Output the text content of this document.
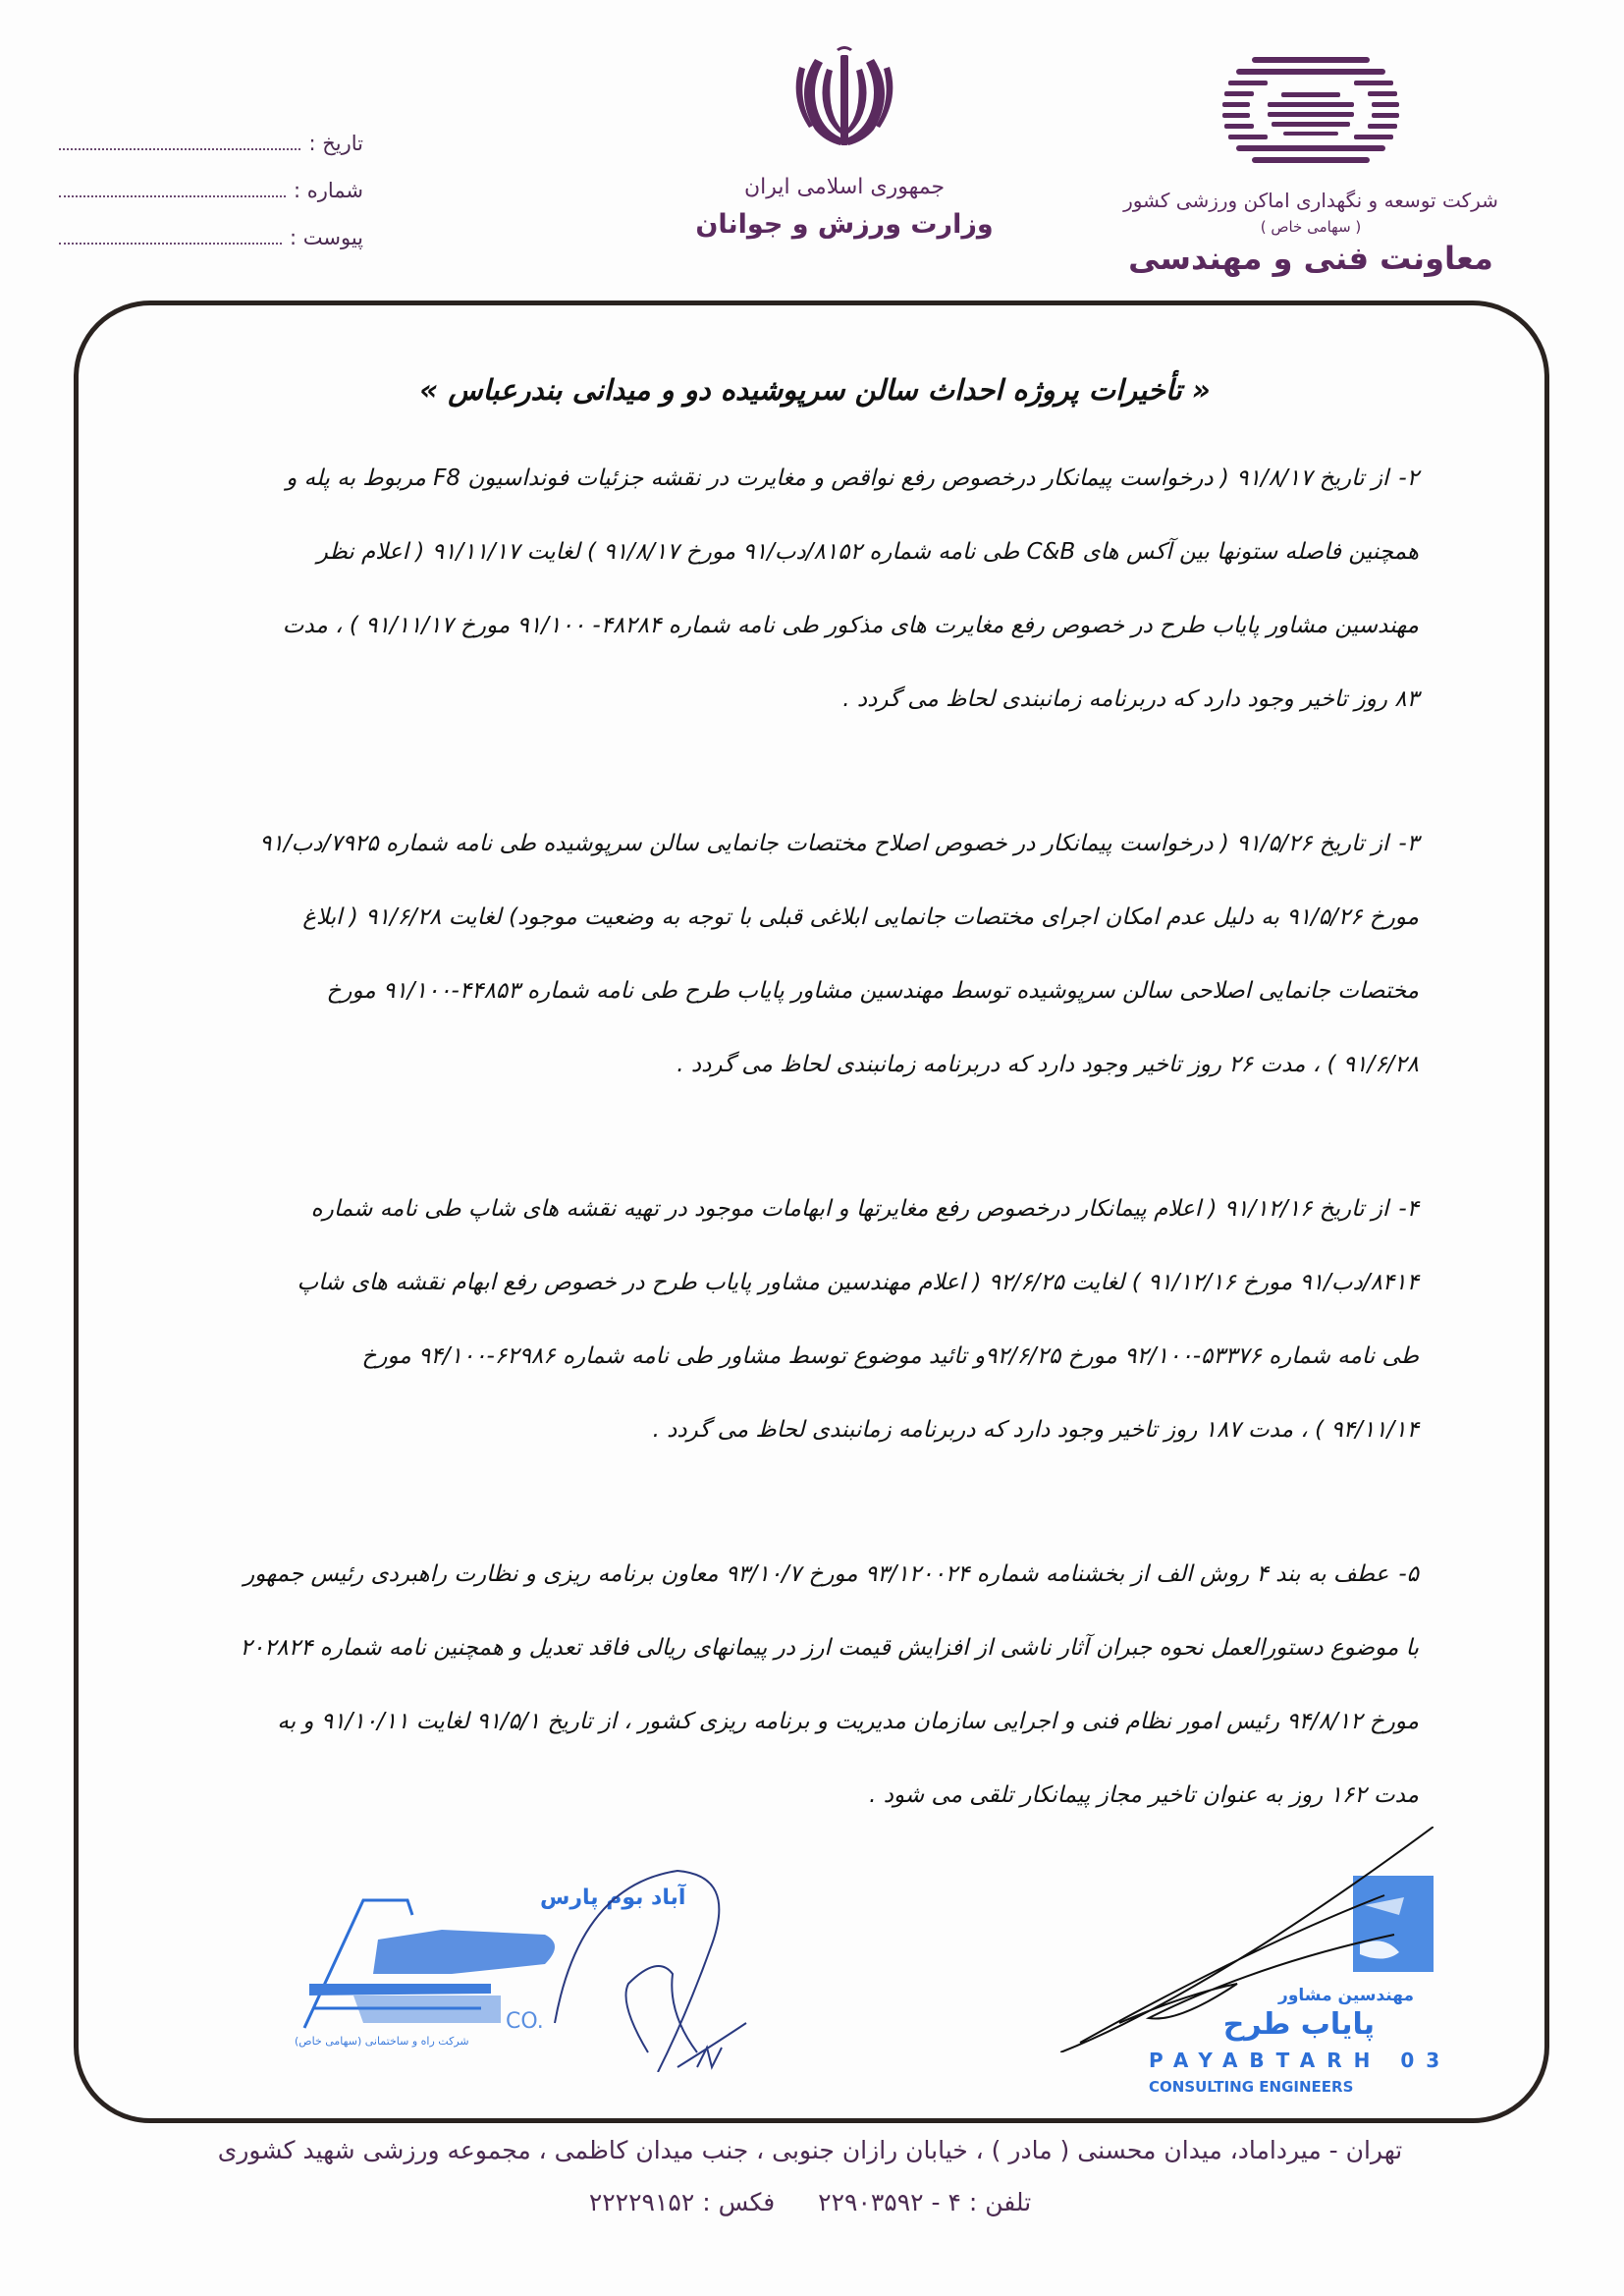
شرکت توسعه و نگهداری اماکن ورزشی کشور
( سهامی خاص )
معاونت فنی و مهندسی
جمهوری اسلامی ایران
وزارت ورزش و جوانان
تاریخ :
شماره :
پیوست :
« تأخیرات پروژه احداث سالن سرپوشیده دو و میدانی بندرعباس »
۲-از تاریخ ۹۱/۸/۱۷ ( درخواست پیمانکار درخصوص رفع نواقص و مغایرت در نقشه جزئیات فونداسیون F8 مربوط به پله و
همچنین فاصله ستونها بین آکس های C&B طی نامه شماره ۸۱۵۲/دب/۹۱ مورخ ۹۱/۸/۱۷ ) لغایت ۹۱/۱۱/۱۷ ( اعلام نظر
مهندسین مشاور پایاب طرح در خصوص رفع مغایرت های مذکور طی نامه شماره ۴۸۲۸۴- ۹۱/۱۰۰ مورخ ۹۱/۱۱/۱۷ ) ، مدت
۸۳ روز تاخیر وجود دارد که دربرنامه زمانبندی لحاظ می گردد .
۳-از تاریخ ۹۱/۵/۲۶ ( درخواست پیمانکار در خصوص اصلاح مختصات جانمایی سالن سرپوشیده طی نامه شماره ۷۹۲۵/دب/۹۱
مورخ ۹۱/۵/۲۶ به دلیل عدم امکان اجرای مختصات جانمایی ابلاغی قبلی با توجه به وضعیت موجود) لغایت ۹۱/۶/۲۸ ( ابلاغ
مختصات جانمایی اصلاحی سالن سرپوشیده توسط مهندسین مشاور پایاب طرح طی نامه شماره ۴۴۸۵۳-۹۱/۱۰۰ مورخ
۹۱/۶/۲۸ ) ، مدت ۲۶ روز تاخیر وجود دارد که دربرنامه زمانبندی لحاظ می گردد .
۴-از تاریخ ۹۱/۱۲/۱۶ ( اعلام پیمانکار درخصوص رفع مغایرتها و ابهامات موجود در تهیه نقشه های شاپ طی نامه شماره
۸۴۱۴/دب/۹۱ مورخ ۹۱/۱۲/۱۶ ) لغایت ۹۲/۶/۲۵ ( اعلام مهندسین مشاور پایاب طرح در خصوص رفع ابهام نقشه های شاپ
طی نامه شماره ۵۳۳۷۶-۹۲/۱۰۰ مورخ ۹۲/۶/۲۵و تائید موضوع توسط مشاور طی نامه شماره ۶۲۹۸۶-۹۴/۱۰۰ مورخ
۹۴/۱۱/۱۴ ) ، مدت ۱۸۷ روز تاخیر وجود دارد که دربرنامه زمانبندی لحاظ می گردد .
۵-عطف به بند ۴ روش الف از بخشنامه شماره ۹۳/۱۲۰۰۲۴ مورخ ۹۳/۱۰/۷ معاون برنامه ریزی و نظارت راهبردی رئیس جمهور
با موضوع دستورالعمل نحوه جبران آثار ناشی از افزایش قیمت ارز در پیمانهای ریالی فاقد تعدیل و همچنین نامه شماره ۲۰۲۸۲۴
مورخ ۹۴/۸/۱۲ رئیس امور نظام فنی و اجرایی سازمان مدیریت و برنامه ریزی کشور ، از تاریخ ۹۱/۵/۱ لغایت ۹۱/۱۰/۱۱ و به
مدت ۱۶۲ روز به عنوان تاخیر مجاز پیمانکار تلقی می شود .
آباد بوم پارس
CO.
شرکت راه و ساختمانی (سهامی خاص)
مهندسین مشاور
پایاب طرح
PAYABTARH 03
CONSULTING ENGINEERS
تهران - میرداماد، میدان محسنی ( مادر ) ، خیابان رازان جنوبی ، جنب میدان کاظمی ، مجموعه ورزشی شهید کشوری
تلفن : ۴ - ۲۲۹۰۳۵۹۲ فکس : ۲۲۲۲۹۱۵۲
